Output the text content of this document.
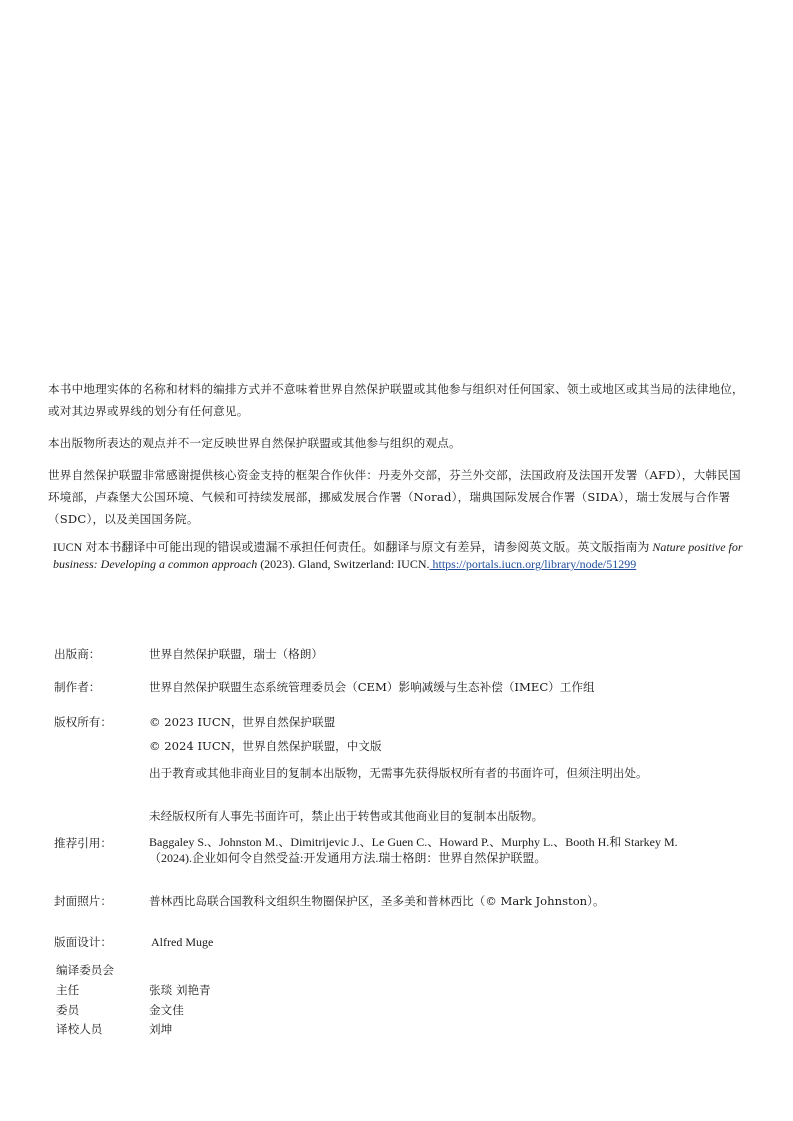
本书中地理实体的名称和材料的编排方式并不意味着世界自然保护联盟或其他参与组织对任何国家、领土或地区或其当局的法律地位，或对其边界或界线的划分有任何意见。
本出版物所表达的观点并不一定反映世界自然保护联盟或其他参与组织的观点。
世界自然保护联盟非常感谢提供核心资金支持的框架合作伙伴：丹麦外交部，芬兰外交部，法国政府及法国开发署（AFD），大韩民国环境部，卢森堡大公国环境、气候和可持续发展部，挪威发展合作署（Norad），瑞典国际发展合作署（SIDA），瑞士发展与合作署（SDC），以及美国国务院。
IUCN 对本书翻译中可能出现的错误或遗漏不承担任何责任。如翻译与原文有差异，请参阅英文版。英文版指南为 Nature positive for business: Developing a common approach (2023). Gland, Switzerland: IUCN. https://portals.iucn.org/library/node/51299
出版商：	世界自然保护联盟，瑞士（格朗）
制作者：	世界自然保护联盟生态系统管理委员会（CEM）影响减缓与生态补偿（IMEC）工作组
版权所有：	© 2023 IUCN，世界自然保护联盟
© 2024 IUCN，世界自然保护联盟，中文版
出于教育或其他非商业目的复制本出版物，无需事先获得版权所有者的书面许可，但须注明出处。
未经版权所有人事先书面许可，禁止出于转售或其他商业目的复制本出版物。
推荐引用：	Baggaley S.、Johnston M.、Dimitrijevic J.、Le Guen C.、Howard P.、Murphy L.、Booth H.和 Starkey M.（2024).企业如何令自然受益:开发通用方法.瑞士格朗：世界自然保护联盟。
封面照片：	普林西比岛联合国教科文组织生物圈保护区，圣多美和普林西比（© Mark Johnston）。
版面设计：	Alfred Muge
编译委员会
主任	张琰 刘艳青
委员	金文佳
译校人员	刘坤
